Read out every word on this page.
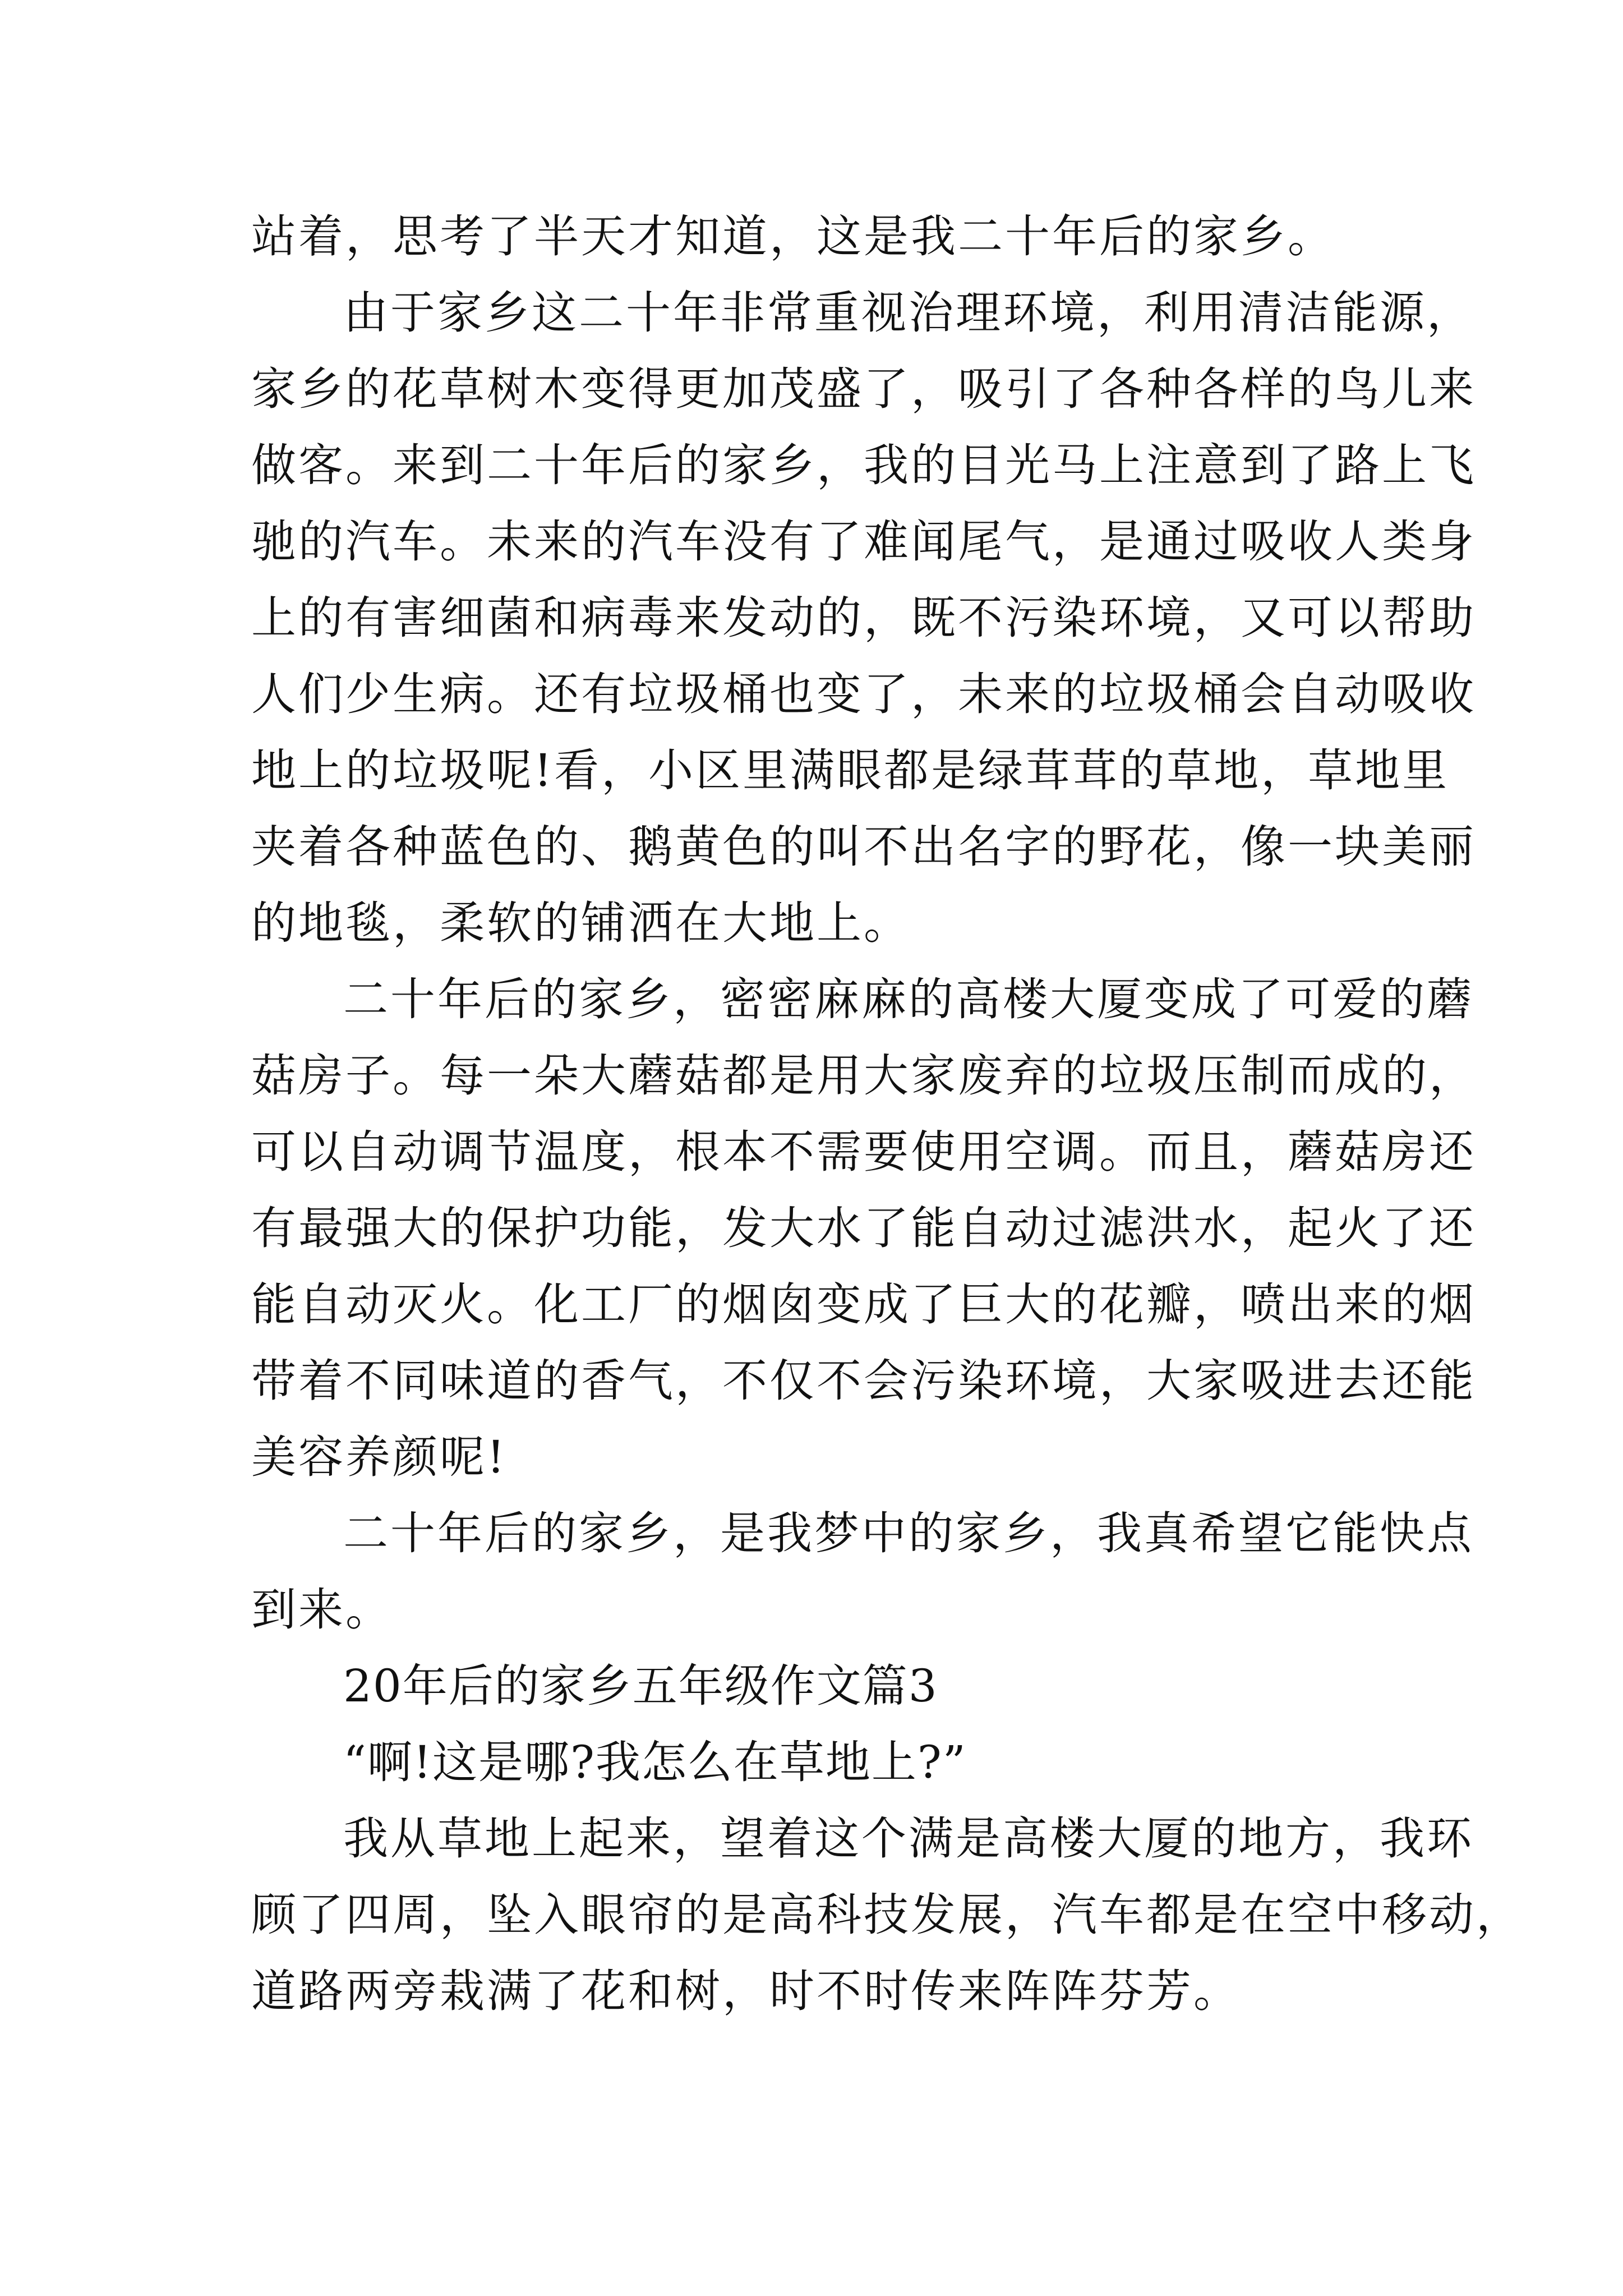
站着，思考了半天才知道，这是我二十年后的家乡。
由于家乡这二十年非常重视治理环境，利用清洁能源，
家乡的花草树木变得更加茂盛了，吸引了各种各样的鸟儿来
做客。来到二十年后的家乡，我的目光马上注意到了路上飞
驰的汽车。未来的汽车没有了难闻尾气，是通过吸收人类身
上的有害细菌和病毒来发动的，既不污染环境，又可以帮助
人们少生病。还有垃圾桶也变了，未来的垃圾桶会自动吸收
地上的垃圾呢!看，小区里满眼都是绿茸茸的草地，草地里
夹着各种蓝色的、鹅黄色的叫不出名字的野花，像一块美丽
的地毯，柔软的铺洒在大地上。
二十年后的家乡，密密麻麻的高楼大厦变成了可爱的蘑
菇房子。每一朵大蘑菇都是用大家废弃的垃圾压制而成的，
可以自动调节温度，根本不需要使用空调。而且，蘑菇房还
有最强大的保护功能，发大水了能自动过滤洪水，起火了还
能自动灭火。化工厂的烟囱变成了巨大的花瓣，喷出来的烟
带着不同味道的香气，不仅不会污染环境，大家吸进去还能
美容养颜呢!
二十年后的家乡，是我梦中的家乡，我真希望它能快点
到来。
20年后的家乡五年级作文篇3
“啊!这是哪?我怎么在草地上?”
我从草地上起来，望着这个满是高楼大厦的地方，我环
顾了四周，坠入眼帘的是高科技发展，汽车都是在空中移动，
道路两旁栽满了花和树，时不时传来阵阵芬芳。
